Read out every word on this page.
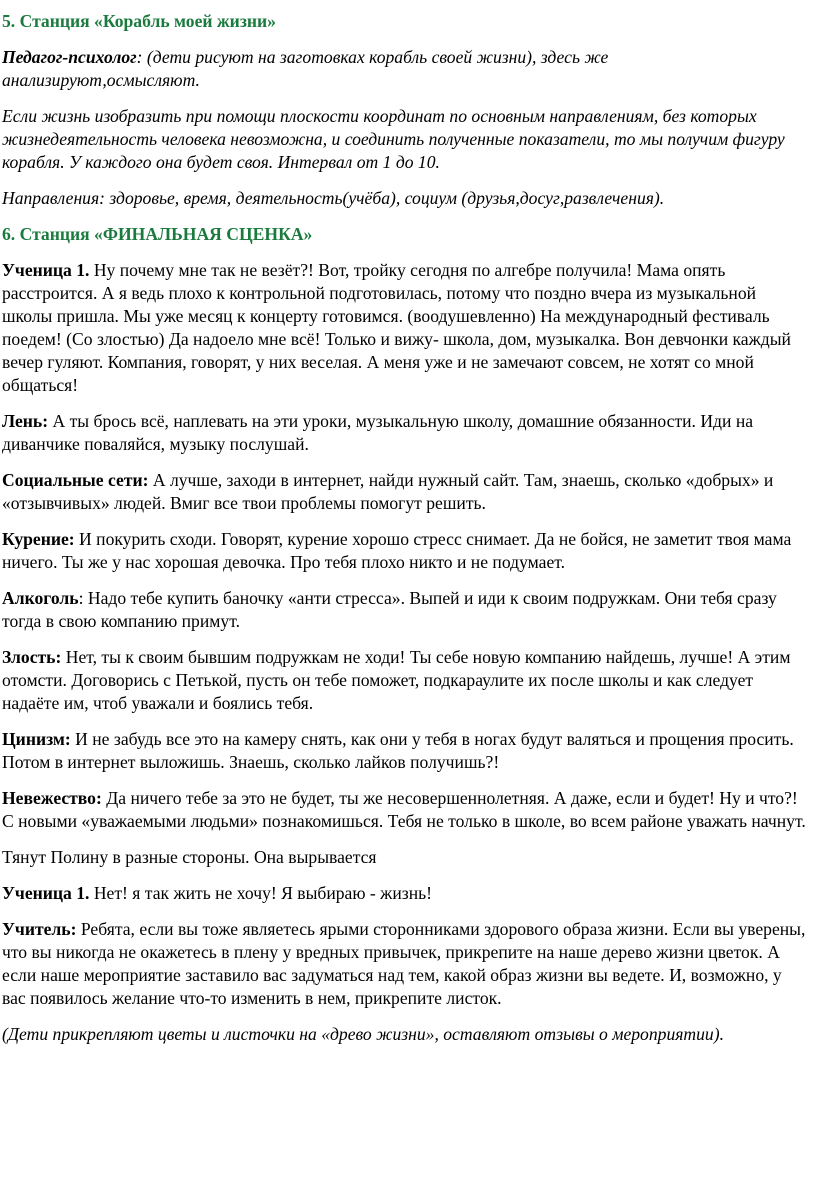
5. Станция «Корабль моей жизни»

Педагог-психолог: (дети рисуют на заготовках корабль своей жизни), здесь же анализируют,осмысляют.

Если жизнь изобразить при помощи плоскости координат по основным направлениям, без которых жизнедеятельность человека невозможна, и соединить полученные показатели, то мы получим фигуру корабля. У каждого она будет своя. Интервал от 1 до 10.

Направления: здоровье, время, деятельность(учёба), социум (друзья,досуг,развлечения).

6. Станция «ФИНАЛЬНАЯ СЦЕНКА»

Ученица 1. Ну почему мне так не везёт?! Вот, тройку сегодня по алгебре получила! Мама опять расстроится. А я ведь плохо к контрольной подготовилась, потому что поздно вчера из музыкальной школы пришла. Мы уже месяц к концерту готовимся. (воодушевленно) На международный фестиваль поедем! (Со злостью) Да надоело мне всё! Только и вижу- школа, дом, музыкалка. Вон девчонки каждый вечер гуляют. Компания, говорят, у них веселая. А меня уже и не замечают совсем, не хотят со мной общаться!

Лень: А ты брось всё, наплевать на эти уроки, музыкальную школу, домашние обязанности. Иди на диванчике поваляйся, музыку послушай.

Социальные сети: А лучше, заходи в интернет, найди нужный сайт. Там, знаешь, сколько «добрых» и «отзывчивых» людей. Вмиг все твои проблемы помогут решить.

Курение: И покурить сходи. Говорят, курение хорошо стресс снимает. Да не бойся, не заметит твоя мама ничего. Ты же у нас хорошая девочка. Про тебя плохо никто и не подумает.

Алкоголь: Надо тебе купить баночку «анти стресса». Выпей и иди к своим подружкам. Они тебя сразу тогда в свою компанию примут.

Злость: Нет, ты к своим бывшим подружкам не ходи! Ты себе новую компанию найдешь, лучше! А этим отомсти. Договорись с Петькой, пусть он тебе поможет, подкараулите их после школы и как следует надаёте им, чтоб уважали и боялись тебя.

Цинизм: И не забудь все это на камеру снять, как они у тебя в ногах будут валяться и прощения просить. Потом в интернет выложишь. Знаешь, сколько лайков получишь?!

Невежество: Да ничего тебе за это не будет, ты же несовершеннолетняя. А даже, если и будет! Ну и что?! С новыми «уважаемыми людьми» познакомишься. Тебя не только в школе, во всем районе уважать начнут.

Тянут Полину в разные стороны. Она вырывается

Ученица 1. Нет! я так жить не хочу! Я выбираю - жизнь!

Учитель: Ребята, если вы тоже являетесь ярыми сторонниками здорового образа жизни. Если вы уверены, что вы никогда не окажетесь в плену у вредных привычек, прикрепите на наше дерево жизни цветок. А если наше мероприятие заставило вас задуматься над тем, какой образ жизни вы ведете. И, возможно, у вас появилось желание что-то изменить в нем, прикрепите листок.

(Дети прикрепляют цветы и листочки на «древо жизни», оставляют отзывы о мероприятии).
